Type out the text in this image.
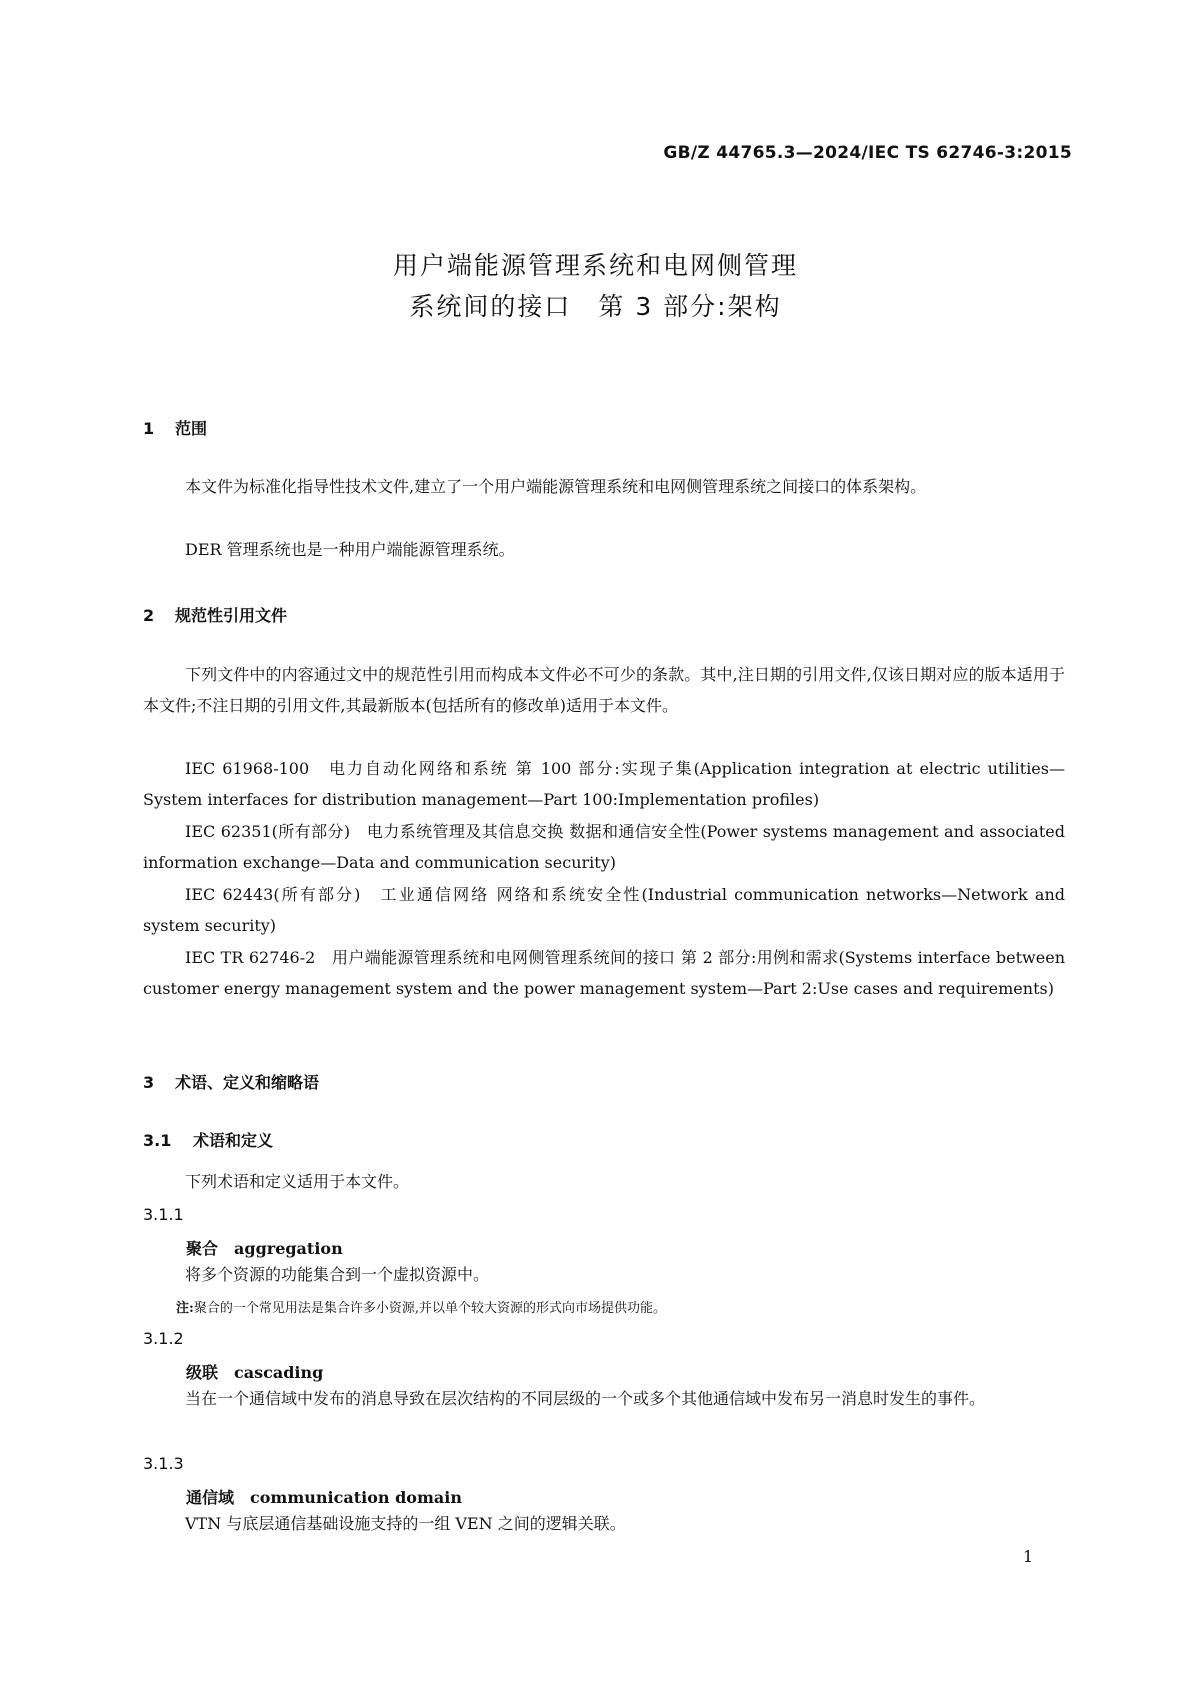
GB/Z 44765.3—2024/IEC TS 62746-3:2015
用户端能源管理系统和电网侧管理
系统间的接口　第 3 部分:架构
1 范围

本文件为标准化指导性技术文件,建立了一个用户端能源管理系统和电网侧管理系统之间接口的体系架构。

DER 管理系统也是一种用户端能源管理系统。

2 规范性引用文件

下列文件中的内容通过文中的规范性引用而构成本文件必不可少的条款。其中,注日期的引用文件,仅该日期对应的版本适用于本文件;不注日期的引用文件,其最新版本(包括所有的修改单)适用于本文件。

IEC 61968-100　电力自动化网络和系统 第 100 部分:实现子集(Application integration at electric utilities—System interfaces for distribution management—Part 100:Implementation profiles)

IEC 62351(所有部分)　电力系统管理及其信息交换 数据和通信安全性(Power systems management and associated information exchange—Data and communication security)

IEC 62443(所有部分)　工业通信网络 网络和系统安全性(Industrial communication networks—Network and system security)

IEC TR 62746-2　用户端能源管理系统和电网侧管理系统间的接口 第 2 部分:用例和需求(Systems interface between customer energy management system and the power management system—Part 2:Use cases and requirements)

3 术语、定义和缩略语
3.1 术语和定义

下列术语和定义适用于本文件。

3.1.1
聚合 aggregation

将多个资源的功能集合到一个虚拟资源中。

注:聚合的一个常见用法是集合许多小资源,并以单个较大资源的形式向市场提供功能。
3.1.2
级联 cascading

当在一个通信域中发布的消息导致在层次结构的不同层级的一个或多个其他通信域中发布另一消息时发生的事件。

3.1.3
通信域 communication domain

VTN 与底层通信基础设施支持的一组 VEN 之间的逻辑关联。

1
